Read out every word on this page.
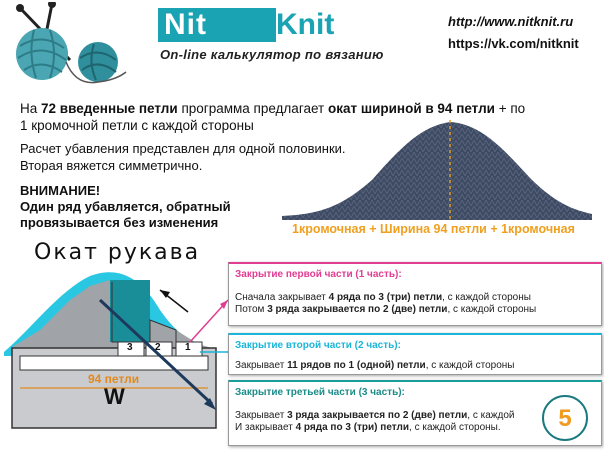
Nit	Knit
On-line калькулятор по вязанию
http://www.nitknit.ru
https://vk.com/nitknit
На 72 введенные петли программа предлагает окат шириной в 94 петли + по
1 кромочной петли с каждой стороны
Расчет убавления представлен для одной половинки.
Вторая вяжется симметрично.
ВНИМАНИЕ!
Один ряд убавляется, обратный
провязывается без изменения	1кромочная + Ширина 94 петли + 1кромочная
Окат рукава
3 2 1
94 петли
W
Закрытие первой части (1 часть):
Сначала закрывает 4 ряда по 3 (три) петли, с каждой стороны
Потом 3 ряда закрывается по 2 (две) петли, с каждой стороны
Закрытие второй части (2 часть):
Закрывает 11 рядов по 1 (одной) петли, с каждой стороны
Закрытие третьей части (3 часть):
Закрывает 3 ряда закрывается по 2 (две) петли, с каждой
И закрывает 4 ряда по 3 (три) петли, с каждой стороны.	5
